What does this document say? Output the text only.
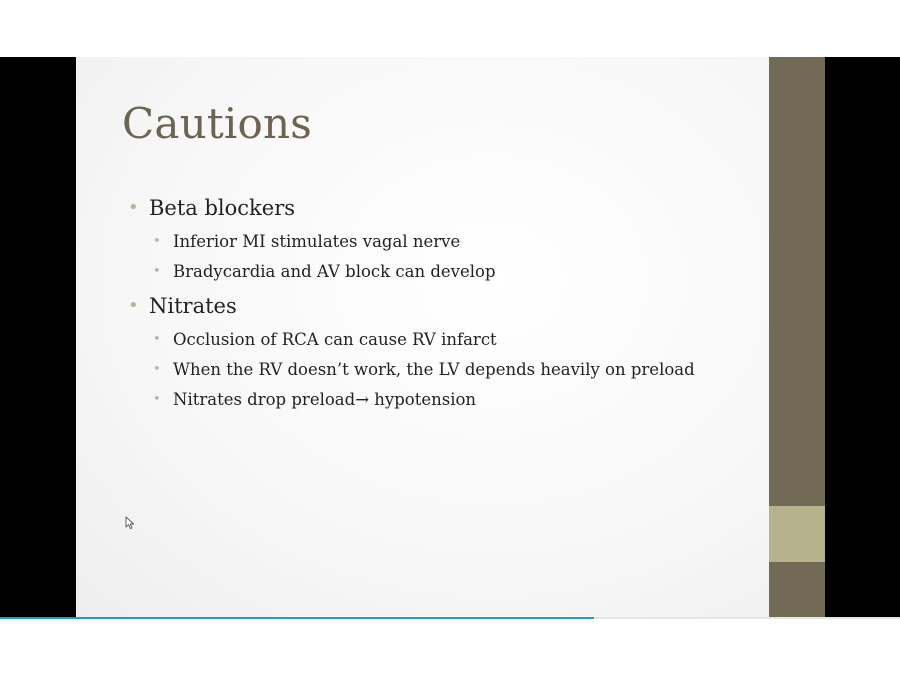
Cautions
• Beta blockers
• Inferior MI stimulates vagal nerve
• Bradycardia and AV block can develop
• Nitrates
• Occlusion of RCA can cause RV infarct
• When the RV doesn’t work, the LV depends heavily on preload
• Nitrates drop preload→ hypotension
